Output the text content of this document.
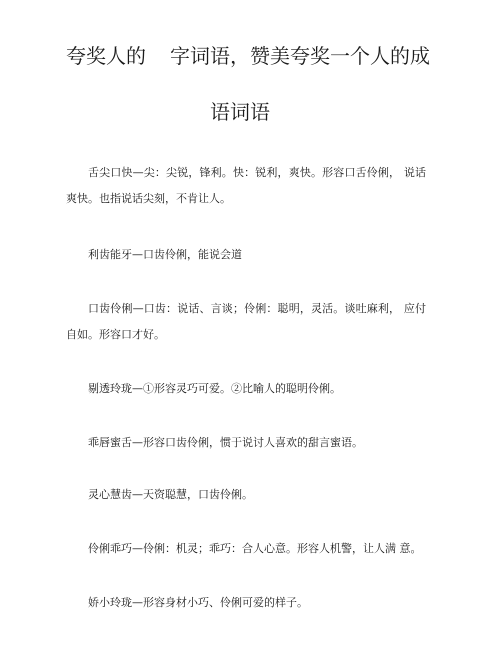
夸奖人的 字词语，赞美夸奖一个人的成
语词语

舌尖口快—尖：尖锐，锋利。快：锐利，爽快。形容口舌伶俐， 说话爽快。也指说话尖刻，不肯让人。

利齿能牙—口齿伶俐，能说会道

口齿伶俐—口齿：说话、言谈；伶俐：聪明，灵活。谈吐麻利， 应付自如。形容口才好。

剔透玲珑—①形容灵巧可爱。②比喻人的聪明伶俐。

乖唇蜜舌—形容口齿伶俐，惯于说讨人喜欢的甜言蜜语。

灵心慧齿—天资聪慧，口齿伶俐。

伶俐乖巧—伶俐：机灵；乖巧：合人心意。形容人机警，让人满 意。

娇小玲珑—形容身材小巧、伶俐可爱的样子。
